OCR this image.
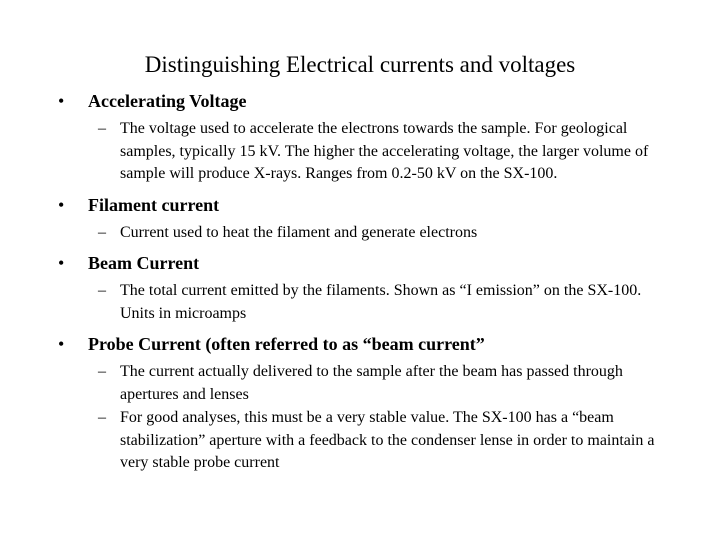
Distinguishing Electrical currents and voltages
• Accelerating Voltage
– The voltage used to accelerate the electrons towards the sample. For geological samples, typically 15 kV. The higher the accelerating voltage, the larger volume of sample will produce X-rays. Ranges from 0.2-50 kV on the SX-100.
• Filament current
– Current used to heat the filament and generate electrons
• Beam Current
– The total current emitted by the filaments. Shown as “I emission” on the SX-100. Units in microamps
• Probe Current (often referred to as “beam current”
– The current actually delivered to the sample after the beam has passed through apertures and lenses
– For good analyses, this must be a very stable value. The SX-100 has a “beam stabilization” aperture with a feedback to the condenser lense in order to maintain a very stable probe current
